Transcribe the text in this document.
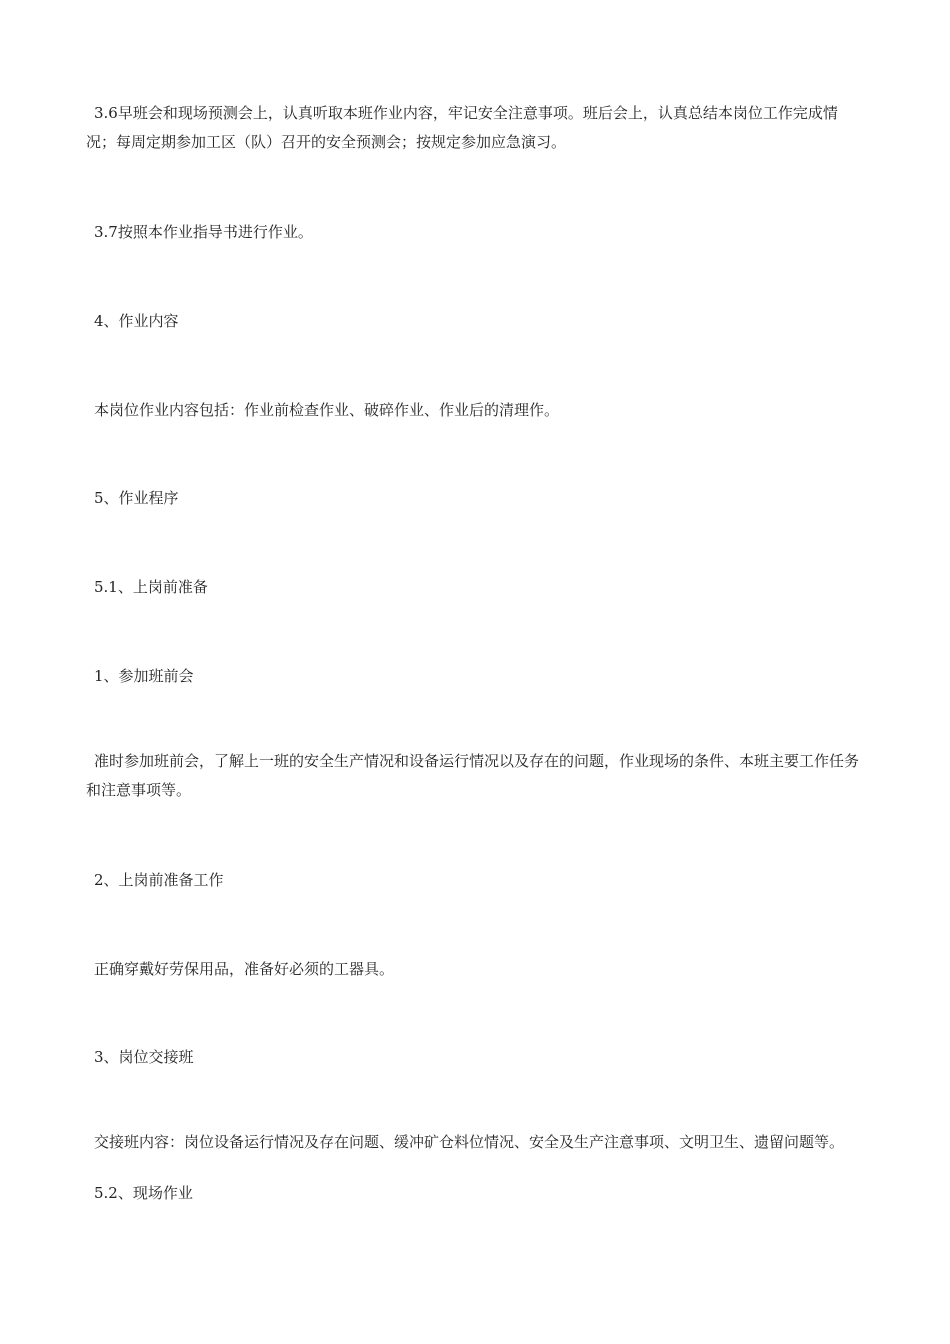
3.6早班会和现场预测会上，认真听取本班作业内容，牢记安全注意事项。班后会上，认真总结本岗位工作完成情况；每周定期参加工区（队）召开的安全预测会；按规定参加应急演习。

3.7按照本作业指导书进行作业。

4、作业内容

本岗位作业内容包括：作业前检查作业、破碎作业、作业后的清理作。

5、作业程序

5.1、上岗前准备

1、参加班前会

准时参加班前会，了解上一班的安全生产情况和设备运行情况以及存在的问题，作业现场的条件、本班主要工作任务和注意事项等。

2、上岗前准备工作

正确穿戴好劳保用品，准备好必须的工器具。

3、岗位交接班

交接班内容：岗位设备运行情况及存在问题、缓冲矿仓料位情况、安全及生产注意事项、文明卫生、遗留问题等。

5.2、现场作业
